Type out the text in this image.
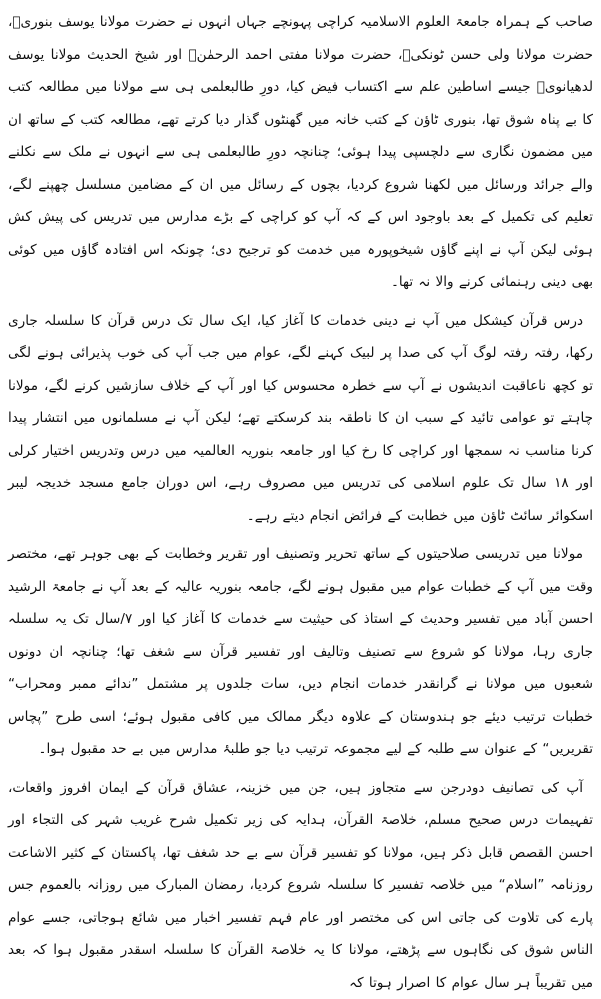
صاحب کے ہمراہ جامعۃ العلوم الاسلامیہ کراچی پہونچے جہاں انہوں نے حضرت مولانا یوسف بنوریؒ، حضرت مولانا ولی حسن ٹونکیؒ، حضرت مولانا مفتی احمد الرحمٰنؒ اور شیخ الحدیث مولانا یوسف لدھیانویؒ جیسے اساطین علم سے اکتساب فیض کیا، دورِ طالبعلمی ہی سے مولانا میں مطالعہ کتب کا بے پناہ شوق تھا، بنوری ٹاؤن کے کتب خانہ میں گھنٹوں گذار دیا کرتے تھے، مطالعہ کتب کے ساتھ ان میں مضمون نگاری سے دلچسپی پیدا ہوئی؛ چنانچہ دورِ طالبعلمی ہی سے انہوں نے ملک سے نکلنے والے جرائد ورسائل میں لکھنا شروع کردیا، بچوں کے رسائل میں ان کے مضامین مسلسل چھپنے لگے، تعلیم کی تکمیل کے بعد باوجود اس کے کہ آپ کو کراچی کے بڑے مدارس میں تدریس کی پیش کش ہوئی لیکن آپ نے اپنے گاؤں شیخوپورہ میں خدمت کو ترجیح دی؛ چونکہ اس افتادہ گاؤں میں کوئی بھی دینی رہنمائی کرنے والا نہ تھا۔

درس قرآن کیشکل میں آپ نے دینی خدمات کا آغاز کیا، ایک سال تک درس قرآن کا سلسلہ جاری رکھا، رفتہ رفتہ لوگ آپ کی صدا پر لبیک کہنے لگے، عوام میں جب آپ کی خوب پذیرائی ہونے لگی تو کچھ ناعاقبت اندیشوں نے آپ سے خطرہ محسوس کیا اور آپ کے خلاف سازشیں کرنے لگے، مولانا چاہتے تو عوامی تائید کے سبب ان کا ناطقہ بند کرسکتے تھے؛ لیکن آپ نے مسلمانوں میں انتشار پیدا کرنا مناسب نہ سمجھا اور کراچی کا رخ کیا اور جامعہ بنوریہ العالمیہ میں درس وتدریس اختیار کرلی اور ۱۸ سال تک علوم اسلامی کی تدریس میں مصروف رہے، اس دوران جامع مسجد خدیجہ لیبر اسکوائر سائٹ ٹاؤن میں خطابت کے فرائض انجام دیتے رہے۔

مولانا میں تدریسی صلاحیتوں کے ساتھ تحریر وتصنیف اور تقریر وخطابت کے بھی جوہر تھے، مختصر وقت میں آپ کے خطبات عوام میں مقبول ہونے لگے، جامعہ بنوریہ عالیہ کے بعد آپ نے جامعۃ الرشید احسن آباد میں تفسیر وحدیث کے استاذ کی حیثیت سے خدمات کا آغاز کیا اور ۷/سال تک یہ سلسلہ جاری رہا، مولانا کو شروع سے تصنیف وتالیف اور تفسیر قرآن سے شغف تھا؛ چنانچہ ان دونوں شعبوں میں مولانا نے گرانقدر خدمات انجام دیں، سات جلدوں پر مشتمل ”ندائے ممبر ومحراب“ خطبات ترتیب دیئے جو ہندوستان کے علاوہ دیگر ممالک میں کافی مقبول ہوئے؛ اسی طرح ”پچاس تقریریں“ کے عنوان سے طلبہ کے لیے مجموعہ ترتیب دیا جو طلبۂ مدارس میں بے حد مقبول ہوا۔

آپ کی تصانیف دودرجن سے متجاوز ہیں، جن میں خزینہ، عشاق قرآن کے ایمان افروز واقعات، تفہیمات درس صحیح مسلم، خلاصۃ القرآن، ہدایہ کی زیر تکمیل شرح غریب شہر کی التجاء اور احسن القصص قابل ذکر ہیں، مولانا کو تفسیر قرآن سے بے حد شغف تھا، پاکستان کے کثیر الاشاعت روزنامہ ”اسلام“ میں خلاصہ تفسیر کا سلسلہ شروع کردیا، رمضان المبارک میں روزانہ بالعموم جس پارے کی تلاوت کی جاتی اس کی مختصر اور عام فہم تفسیر اخبار میں شائع ہوجاتی، جسے عوام الناس شوق کی نگاہوں سے پڑھتے، مولانا کا یہ خلاصۃ القرآن کا سلسلہ اسقدر مقبول ہوا کہ بعد میں تقریباً ہر سال عوام کا اصرار ہوتا کہ
